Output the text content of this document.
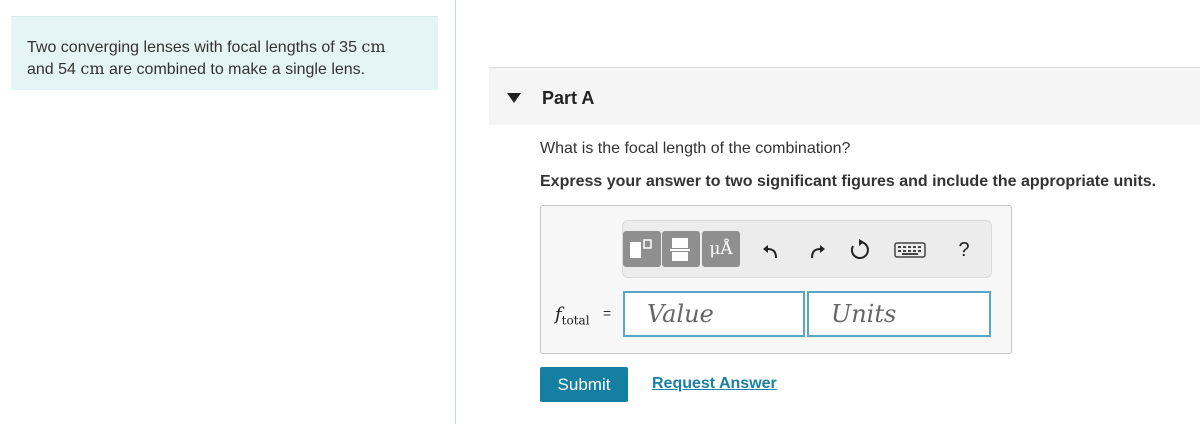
Two converging lenses with focal lengths of 35 cm
and 54 cm are combined to make a single lens.
Part A
What is the focal length of the combination?
Express your answer to two significant figures and include the appropriate units.
μÅ	?
$f_{total}$ =	Value	Units
Submit	Request Answer
